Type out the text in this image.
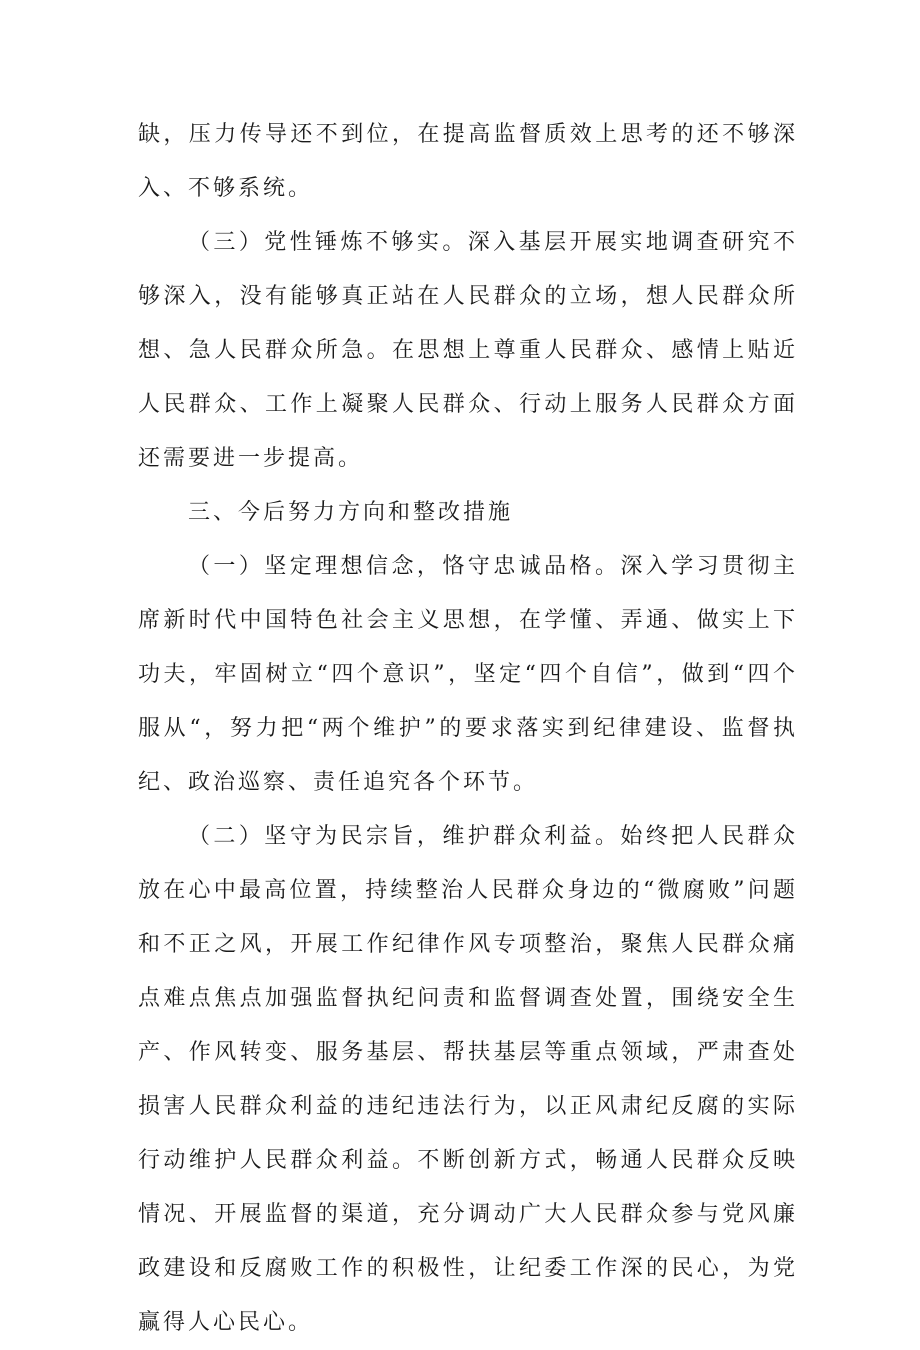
缺，压力传导还不到位，在提高监督质效上思考的还不够深入、不够系统。

（三）党性锤炼不够实。深入基层开展实地调查研究不够深入，没有能够真正站在人民群众的立场，想人民群众所想、急人民群众所急。在思想上尊重人民群众、感情上贴近人民群众、工作上凝聚人民群众、行动上服务人民群众方面还需要进一步提高。

三、今后努力方向和整改措施

（一）坚定理想信念，恪守忠诚品格。深入学习贯彻主席新时代中国特色社会主义思想，在学懂、弄通、做实上下功夫，牢固树立“四个意识”，坚定“四个自信”，做到“四个服从“，努力把“两个维护”的要求落实到纪律建设、监督执纪、政治巡察、责任追究各个环节。

（二）坚守为民宗旨，维护群众利益。始终把人民群众放在心中最高位置，持续整治人民群众身边的“微腐败”问题和不正之风，开展工作纪律作风专项整治，聚焦人民群众痛点难点焦点加强监督执纪问责和监督调查处置，围绕安全生产、作风转变、服务基层、帮扶基层等重点领域，严肃查处损害人民群众利益的违纪违法行为，以正风肃纪反腐的实际行动维护人民群众利益。不断创新方式，畅通人民群众反映情况、开展监督的渠道，充分调动广大人民群众参与党风廉政建设和反腐败工作的积极性，让纪委工作深的民心，为党赢得人心民心。
